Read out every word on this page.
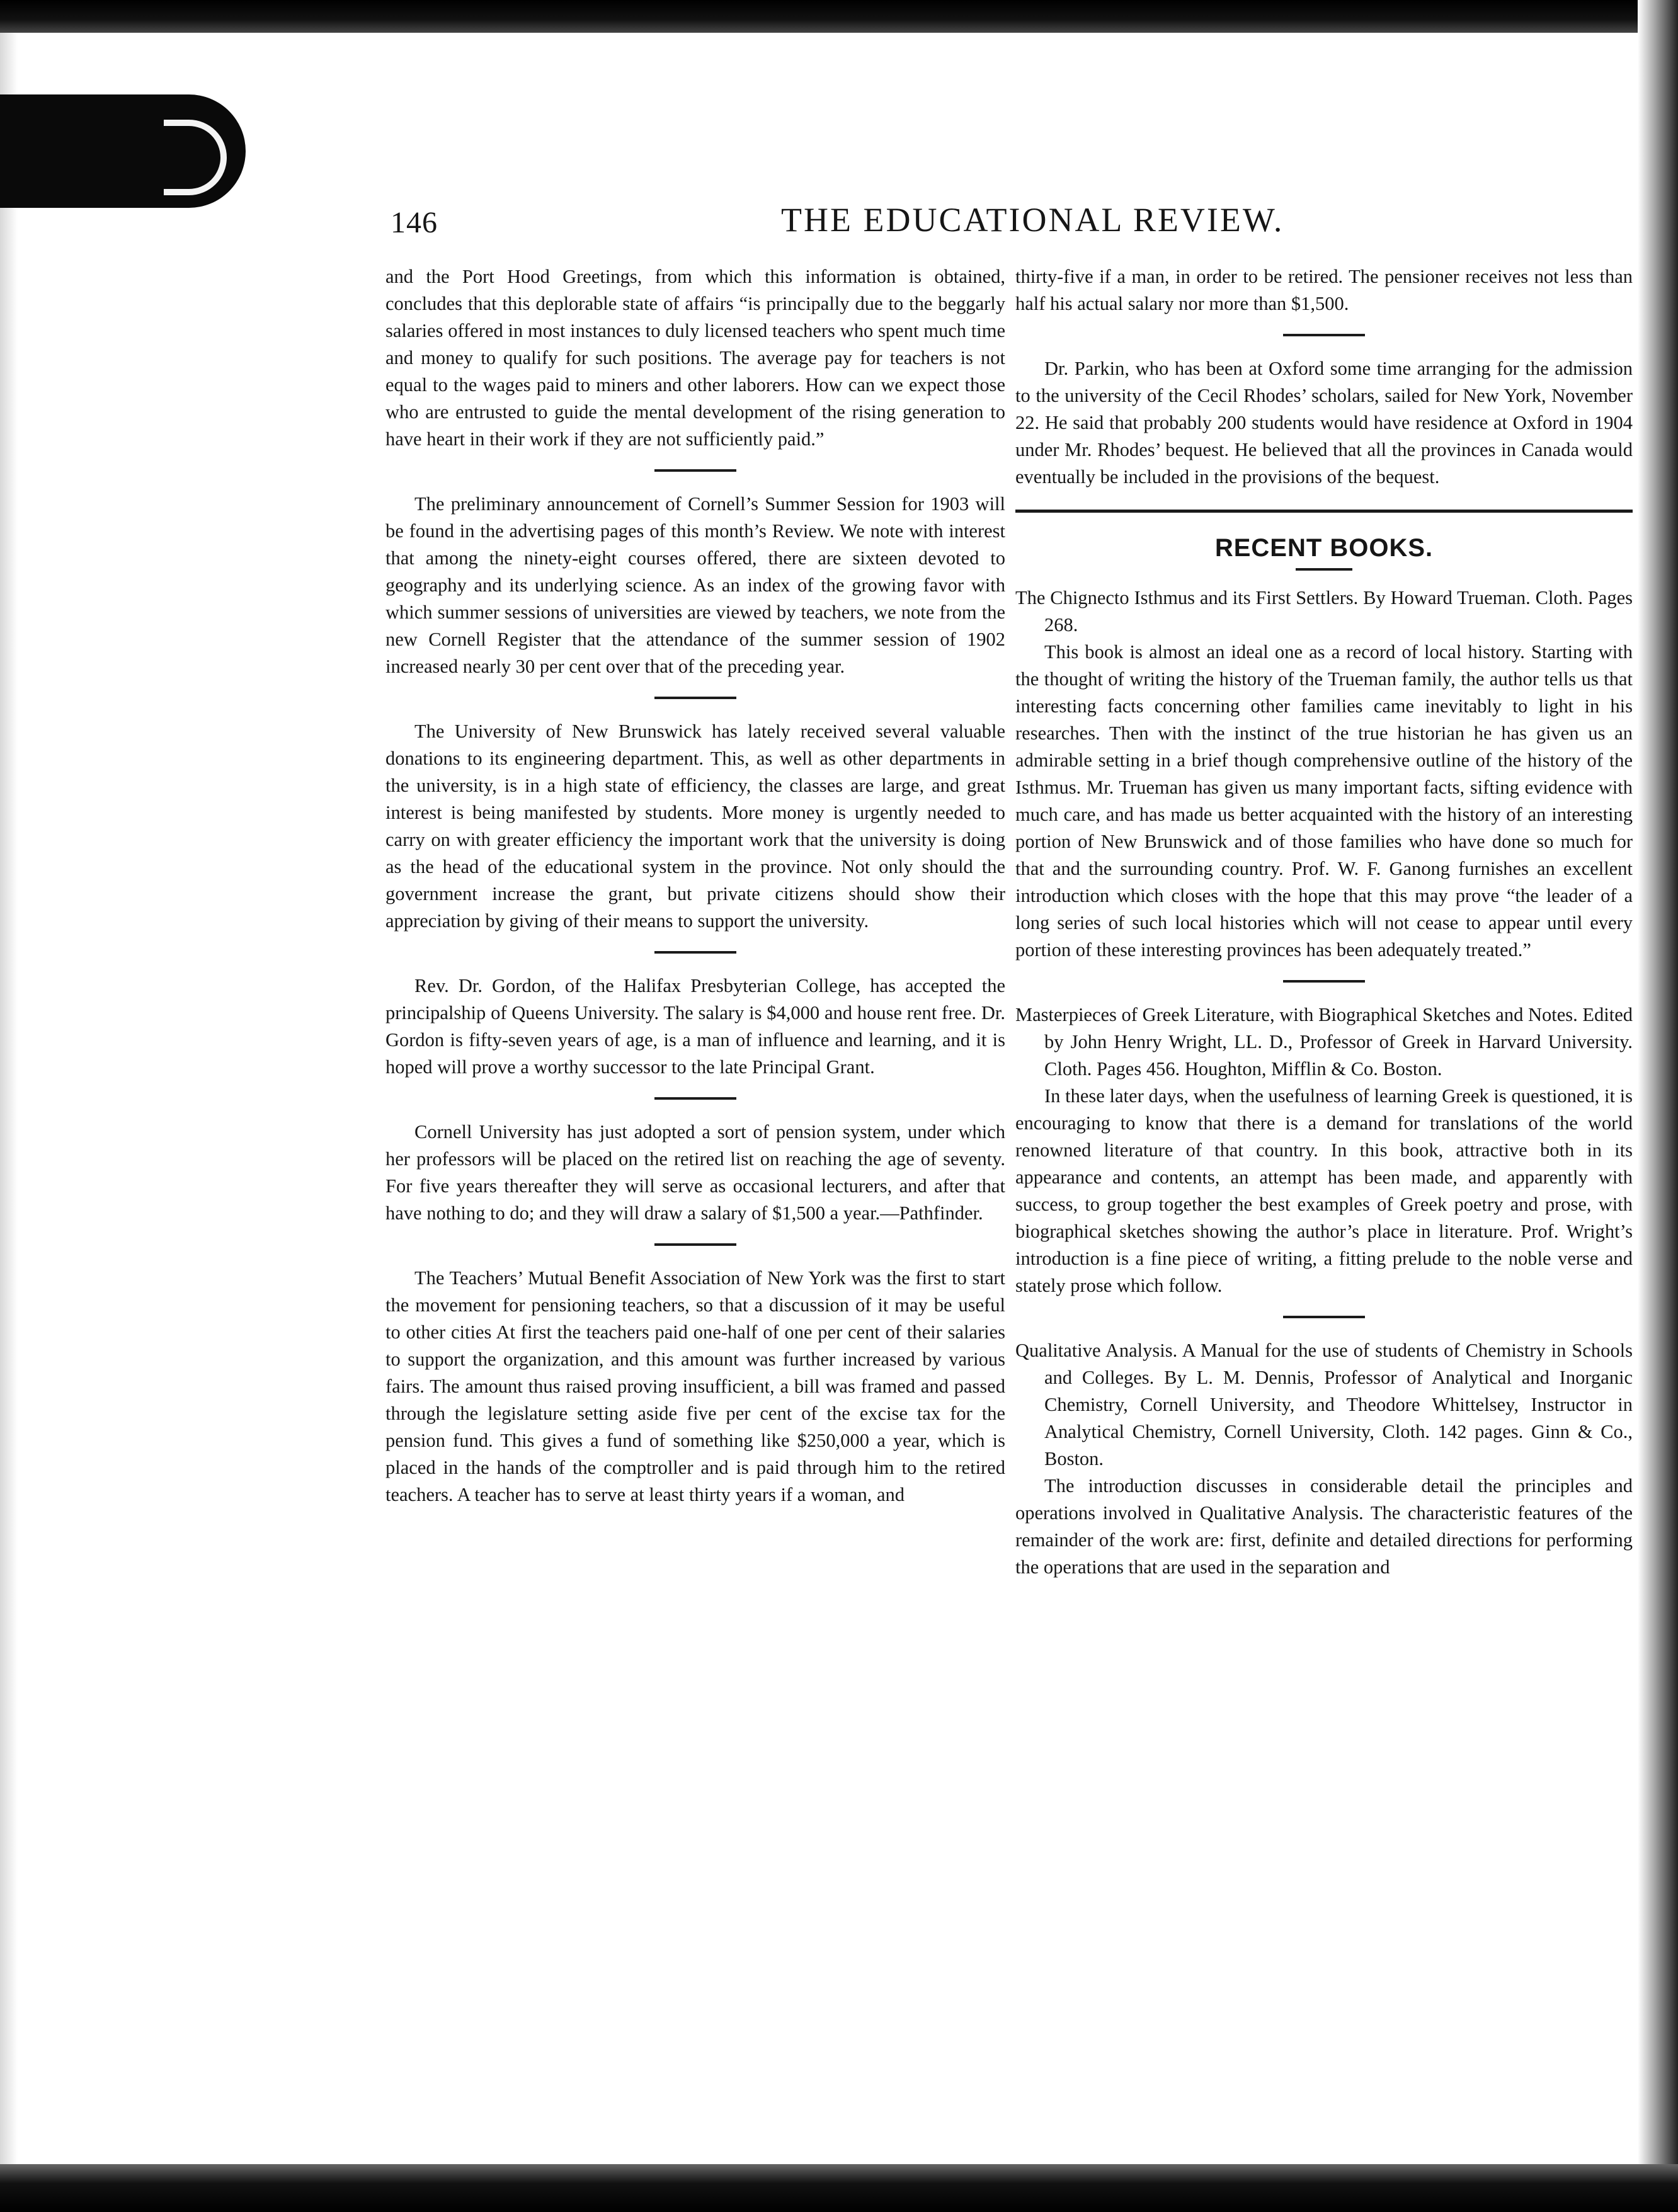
146	THE EDUCATIONAL REVIEW.

and the Port Hood Greetings, from which this information is obtained, concludes that this deplorable state of affairs “is principally due to the beggarly salaries offered in most instances to duly licensed teachers who spent much time and money to qualify for such positions. The average pay for teachers is not equal to the wages paid to miners and other laborers. How can we expect those who are entrusted to guide the mental development of the rising generation to have heart in their work if they are not sufficiently paid.”

The preliminary announcement of Cornell’s Summer Session for 1903 will be found in the advertising pages of this month’s Review. We note with interest that among the ninety-eight courses offered, there are sixteen devoted to geography and its underlying science. As an index of the growing favor with which summer sessions of universities are viewed by teachers, we note from the new Cornell Register that the attendance of the summer session of 1902 increased nearly 30 per cent over that of the preceding year.

The University of New Brunswick has lately received several valuable donations to its engineering department. This, as well as other departments in the university, is in a high state of efficiency, the classes are large, and great interest is being manifested by students. More money is urgently needed to carry on with greater efficiency the important work that the university is doing as the head of the educational system in the province. Not only should the government increase the grant, but private citizens should show their appreciation by giving of their means to support the university.

Rev. Dr. Gordon, of the Halifax Presbyterian College, has accepted the principalship of Queens University. The salary is $4,000 and house rent free. Dr. Gordon is fifty-seven years of age, is a man of influence and learning, and it is hoped will prove a worthy successor to the late Principal Grant.

Cornell University has just adopted a sort of pension system, under which her professors will be placed on the retired list on reaching the age of seventy. For five years thereafter they will serve as occasional lecturers, and after that have nothing to do; and they will draw a salary of $1,500 a year.—Pathfinder.

The Teachers’ Mutual Benefit Association of New York was the first to start the movement for pensioning teachers, so that a discussion of it may be useful to other cities At first the teachers paid one-half of one per cent of their salaries to support the organization, and this amount was further increased by various fairs. The amount thus raised proving insufficient, a bill was framed and passed through the legislature setting aside five per cent of the excise tax for the pension fund. This gives a fund of something like $250,000 a year, which is placed in the hands of the comptroller and is paid through him to the retired teachers. A teacher has to serve at least thirty years if a woman, and

thirty-five if a man, in order to be retired. The pensioner receives not less than half his actual salary nor more than $1,500.

Dr. Parkin, who has been at Oxford some time arranging for the admission to the university of the Cecil Rhodes’ scholars, sailed for New York, November 22. He said that probably 200 students would have residence at Oxford in 1904 under Mr. Rhodes’ bequest. He believed that all the provinces in Canada would eventually be included in the provisions of the bequest.

RECENT BOOKS.

The Chignecto Isthmus and its First Settlers. By Howard Trueman. Cloth. Pages 268.

This book is almost an ideal one as a record of local history. Starting with the thought of writing the history of the Trueman family, the author tells us that interesting facts concerning other families came inevitably to light in his researches. Then with the instinct of the true historian he has given us an admirable setting in a brief though comprehensive outline of the history of the Isthmus. Mr. Trueman has given us many important facts, sifting evidence with much care, and has made us better acquainted with the history of an interesting portion of New Brunswick and of those families who have done so much for that and the surrounding country. Prof. W. F. Ganong furnishes an excellent introduction which closes with the hope that this may prove “the leader of a long series of such local histories which will not cease to appear until every portion of these interesting provinces has been adequately treated.”

Masterpieces of Greek Literature, with Biographical Sketches and Notes. Edited by John Henry Wright, LL. D., Professor of Greek in Harvard University. Cloth. Pages 456. Houghton, Mifflin & Co. Boston.

In these later days, when the usefulness of learning Greek is questioned, it is encouraging to know that there is a demand for translations of the world renowned literature of that country. In this book, attractive both in its appearance and contents, an attempt has been made, and apparently with success, to group together the best examples of Greek poetry and prose, with biographical sketches showing the author’s place in literature. Prof. Wright’s introduction is a fine piece of writing, a fitting prelude to the noble verse and stately prose which follow.

Qualitative Analysis. A Manual for the use of students of Chemistry in Schools and Colleges. By L. M. Dennis, Professor of Analytical and Inorganic Chemistry, Cornell University, and Theodore Whittelsey, Instructor in Analytical Chemistry, Cornell University, Cloth. 142 pages. Ginn & Co., Boston.

The introduction discusses in considerable detail the principles and operations involved in Qualitative Analysis. The characteristic features of the remainder of the work are: first, definite and detailed directions for performing the operations that are used in the separation and
